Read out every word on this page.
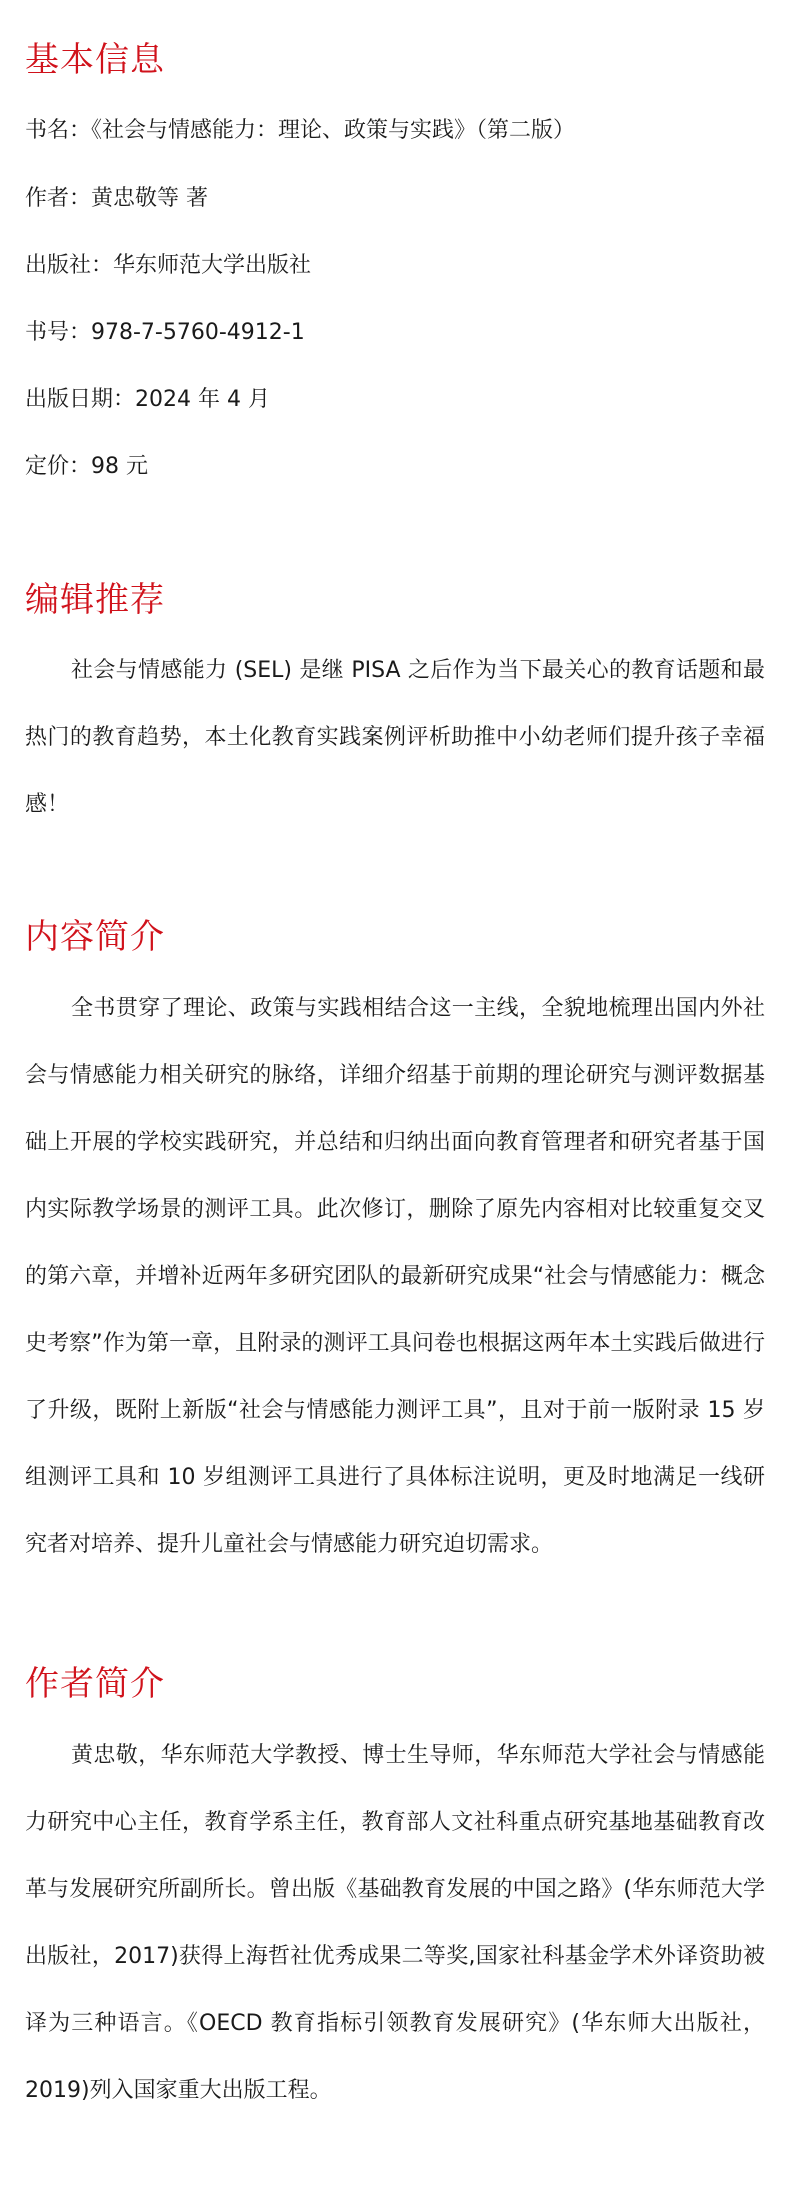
基本信息

书名：《社会与情感能力：理论、政策与实践》（第二版）

作者：黄忠敬等 著

出版社：华东师范大学出版社

书号：978-7-5760-4912-1

出版日期：2024 年 4 月

定价：98 元

编辑推荐

社会与情感能力 (SEL) 是继 PISA 之后作为当下最关心的教育话题和最热门的教育趋势，本土化教育实践案例评析助推中小幼老师们提升孩子幸福感！

内容简介

全书贯穿了理论、政策与实践相结合这一主线，全貌地梳理出国内外社会与情感能力相关研究的脉络，详细介绍基于前期的理论研究与测评数据基础上开展的学校实践研究，并总结和归纳出面向教育管理者和研究者基于国内实际教学场景的测评工具。此次修订，删除了原先内容相对比较重复交叉的第六章，并增补近两年多研究团队的最新研究成果“社会与情感能力：概念史考察”作为第一章，且附录的测评工具问卷也根据这两年本土实践后做进行了升级，既附上新版“社会与情感能力测评工具”，且对于前一版附录 15 岁组测评工具和 10 岁组测评工具进行了具体标注说明，更及时地满足一线研究者对培养、提升儿童社会与情感能力研究迫切需求。

作者简介

黄忠敬，华东师范大学教授、博士生导师，华东师范大学社会与情感能力研究中心主任，教育学系主任，教育部人文社科重点研究基地基础教育改革与发展研究所副所长。曾出版《基础教育发展的中国之路》(华东师范大学出版社，2017)获得上海哲社优秀成果二等奖,国家社科基金学术外译资助被译为三种语言。《OECD 教育指标引领教育发展研究》(华东师大出版社，2019)列入国家重大出版工程。
